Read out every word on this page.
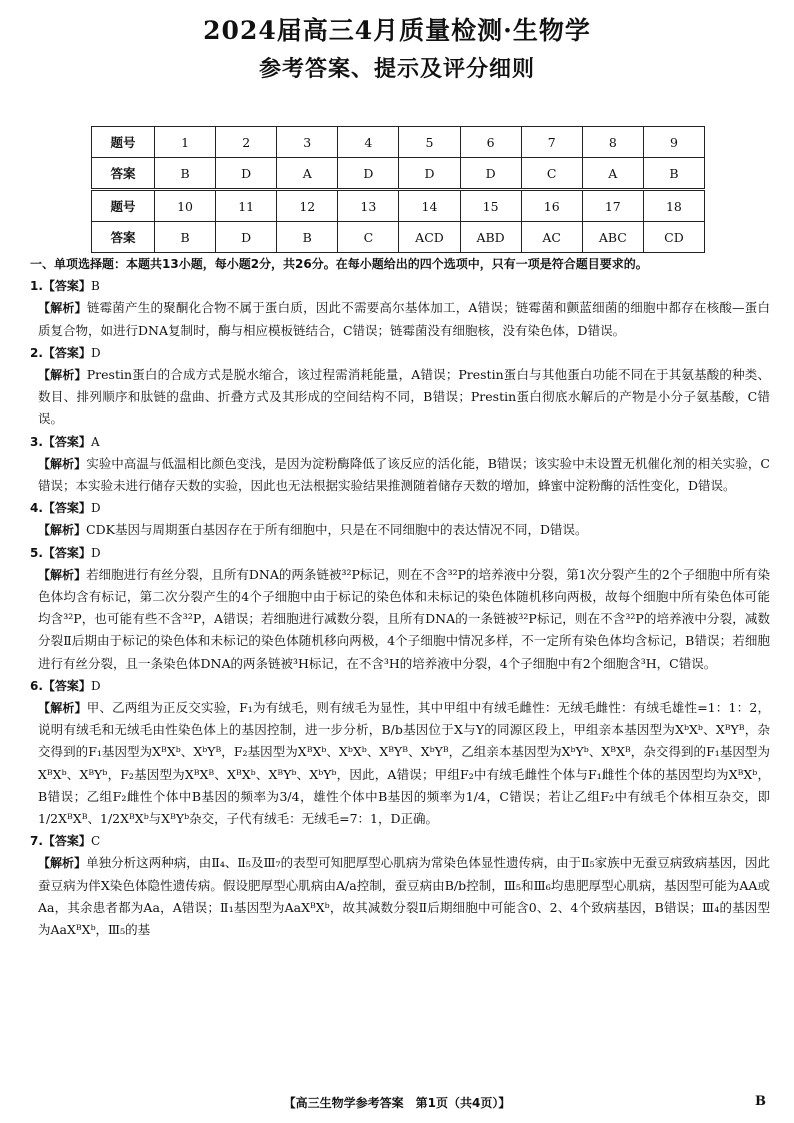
2024届高三4月质量检测·生物学
参考答案、提示及评分细则
题号	1	2	3	4	5	6	7	8	9
答案	B	D	A	D	D	D	C	A	B
题号	10	11	12	13	14	15	16	17	18
答案	B	D	B	C	ACD	ABD	AC	ABC	CD
一、单项选择题：本题共13小题，每小题2分，共26分。在每小题给出的四个选项中，只有一项是符合题目要求的。
1.【答案】B
【解析】链霉菌产生的聚酮化合物不属于蛋白质，因此不需要高尔基体加工，A错误；链霉菌和颤蓝细菌的细胞中都存在核酸—蛋白质复合物，如进行DNA复制时，酶与相应模板链结合，C错误；链霉菌没有细胞核，没有染色体，D错误。
2.【答案】D
【解析】Prestin蛋白的合成方式是脱水缩合，该过程需消耗能量，A错误；Prestin蛋白与其他蛋白功能不同在于其氨基酸的种类、数目、排列顺序和肽链的盘曲、折叠方式及其形成的空间结构不同，B错误；Prestin蛋白彻底水解后的产物是小分子氨基酸，C错误。
3.【答案】A
【解析】实验中高温与低温相比颜色变浅，是因为淀粉酶降低了该反应的活化能，B错误；该实验中未设置无机催化剂的相关实验，C错误；本实验未进行储存天数的实验，因此也无法根据实验结果推测随着储存天数的增加，蜂蜜中淀粉酶的活性变化，D错误。
4.【答案】D
【解析】CDK基因与周期蛋白基因存在于所有细胞中，只是在不同细胞中的表达情况不同，D错误。
5.【答案】D
【解析】若细胞进行有丝分裂，且所有DNA的两条链被³²P标记，则在不含³²P的培养液中分裂，第1次分裂产生的2个子细胞中所有染色体均含有标记，第二次分裂产生的4个子细胞中由于标记的染色体和未标记的染色体随机移向两极，故每个细胞中所有染色体可能均含³²P，也可能有些不含³²P，A错误；若细胞进行减数分裂，且所有DNA的一条链被³²P标记，则在不含³²P的培养液中分裂，减数分裂Ⅱ后期由于标记的染色体和未标记的染色体随机移向两极，4个子细胞中情况多样，不一定所有染色体均含标记，B错误；若细胞进行有丝分裂，且一条染色体DNA的两条链被³H标记，在不含³H的培养液中分裂，4个子细胞中有2个细胞含³H，C错误。
6.【答案】D
【解析】甲、乙两组为正反交实验，F₁为有绒毛，则有绒毛为显性，其中甲组中有绒毛雌性：无绒毛雌性：有绒毛雄性=1：1：2，说明有绒毛和无绒毛由性染色体上的基因控制，进一步分析，B/b基因位于X与Y的同源区段上，甲组亲本基因型为XᵇXᵇ、XᴮYᴮ，杂交得到的F₁基因型为XᴮXᵇ、XᵇYᴮ，F₂基因型为XᴮXᵇ、XᵇXᵇ、XᴮYᴮ、XᵇYᴮ，乙组亲本基因型为XᵇYᵇ、XᴮXᴮ，杂交得到的F₁基因型为XᴮXᵇ、XᴮYᵇ，F₂基因型为XᴮXᴮ、XᴮXᵇ、XᴮYᵇ、XᵇYᵇ，因此，A错误；甲组F₂中有绒毛雌性个体与F₁雌性个体的基因型均为XᴮXᵇ，B错误；乙组F₂雌性个体中B基因的频率为3/4，雄性个体中B基因的频率为1/4，C错误；若让乙组F₂中有绒毛个体相互杂交，即1/2XᴮXᴮ、1/2XᴮXᵇ与XᴮYᵇ杂交，子代有绒毛：无绒毛=7：1，D正确。
7.【答案】C
【解析】单独分析这两种病，由Ⅱ₄、Ⅱ₅及Ⅲ₇的表型可知肥厚型心肌病为常染色体显性遗传病，由于Ⅱ₅家族中无蚕豆病致病基因，因此蚕豆病为伴X染色体隐性遗传病。假设肥厚型心肌病由A/a控制，蚕豆病由B/b控制，Ⅲ₅和Ⅲ₆均患肥厚型心肌病，基因型可能为AA或Aa，其余患者都为Aa，A错误；Ⅱ₁基因型为AaXᴮXᵇ，故其减数分裂Ⅱ后期细胞中可能含0、2、4个致病基因，B错误；Ⅲ₄的基因型为AaXᴮXᵇ，Ⅲ₅的基
【高三生物学参考答案　第1页（共4页）】	B
